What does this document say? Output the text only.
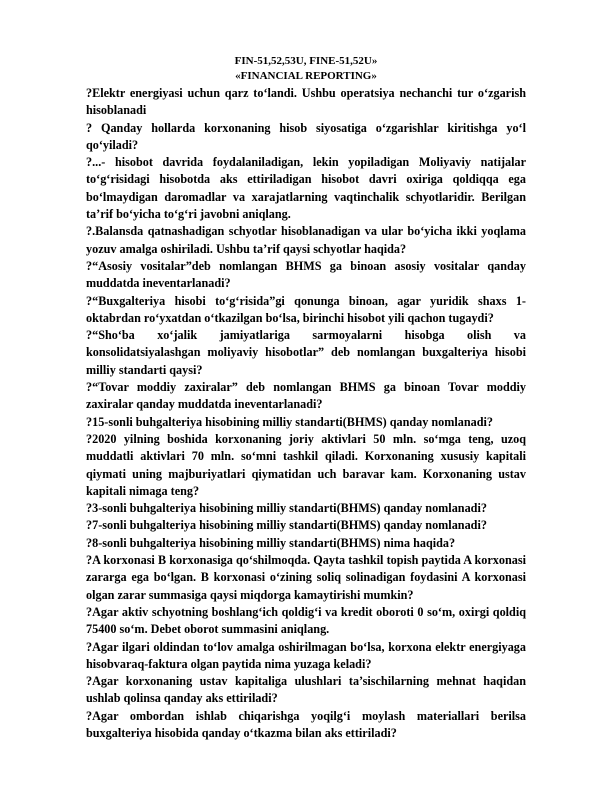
FIN-51,52,53U, FINE-51,52U»
«FINANCIAL REPORTING»

?Elektr energiyasi uchun qarz to‘landi. Ushbu operatsiya nechanchi tur o‘zgarish hisoblanadi

? Qanday hollarda korxonaning hisob siyosatiga o‘zgarishlar kiritishga yo‘l qo‘yiladi?

?...- hisobot davrida foydalaniladigan, lekin yopiladigan Moliyaviy natijalar to‘g‘risidagi hisobotda aks ettiriladigan hisobot davri oxiriga qoldiqqa ega bo‘lmaydigan daromadlar va xarajatlarning vaqtinchalik schyotlaridir. Berilgan ta’rif bo‘yicha to‘g‘ri javobni aniqlang.

?.Balansda qatnashadigan schyotlar hisoblanadigan va ular bo‘yicha ikki yoqlama yozuv amalga oshiriladi. Ushbu ta’rif qaysi schyotlar haqida?

?“Asosiy vositalar”deb nomlangan BHMS ga binoan asosiy vositalar qanday muddatda ineventarlanadi?

?“Buxgalteriya hisobi to‘g‘risida”gi qonunga binoan, agar yuridik shaxs 1-oktabrdan ro‘yxatdan o‘tkazilgan bo‘lsa, birinchi hisobot yili qachon tugaydi?

?“Sho‘ba xo‘jalik jamiyatlariga sarmoyalarni hisobga olish va konsolidatsiyalashgan moliyaviy hisobotlar” deb nomlangan buxgalteriya hisobi milliy standarti qaysi?

?“Tovar moddiy zaxiralar” deb nomlangan BHMS ga binoan Tovar moddiy zaxiralar qanday muddatda ineventarlanadi?

?15-sonli buhgalteriya hisobining milliy standarti(BHMS) qanday nomlanadi?

?2020 yilning boshida korxonaning joriy aktivlari 50 mln. so‘mga teng, uzoq muddatli aktivlari 70 mln. so‘mni tashkil qiladi. Korxonaning xususiy kapitali qiymati uning majburiyatlari qiymatidan uch baravar kam. Korxonaning ustav kapitali nimaga teng?

?3-sonli buhgalteriya hisobining milliy standarti(BHMS) qanday nomlanadi?

?7-sonli buhgalteriya hisobining milliy standarti(BHMS) qanday nomlanadi?

?8-sonli buhgalteriya hisobining milliy standarti(BHMS) nima haqida?

?A korxonasi B korxonasiga qo‘shilmoqda. Qayta tashkil topish paytida A korxonasi zararga ega bo‘lgan. B korxonasi o‘zining soliq solinadigan foydasini A korxonasi olgan zarar summasiga qaysi miqdorga kamaytirishi mumkin?

?Agar aktiv schyotning boshlang‘ich qoldig‘i va kredit oboroti 0 so‘m, oxirgi qoldiq 75400 so‘m. Debet oborot summasini aniqlang.

?Agar ilgari oldindan to‘lov amalga oshirilmagan bo‘lsa, korxona elektr energiyaga hisobvaraq-faktura olgan paytida nima yuzaga keladi?

?Agar korxonaning ustav kapitaliga ulushlari ta’sischilarning mehnat haqidan ushlab qolinsa qanday aks ettiriladi?

?Agar ombordan ishlab chiqarishga yoqilg‘i moylash materiallari berilsa buxgalteriya hisobida qanday o‘tkazma bilan aks ettiriladi?
